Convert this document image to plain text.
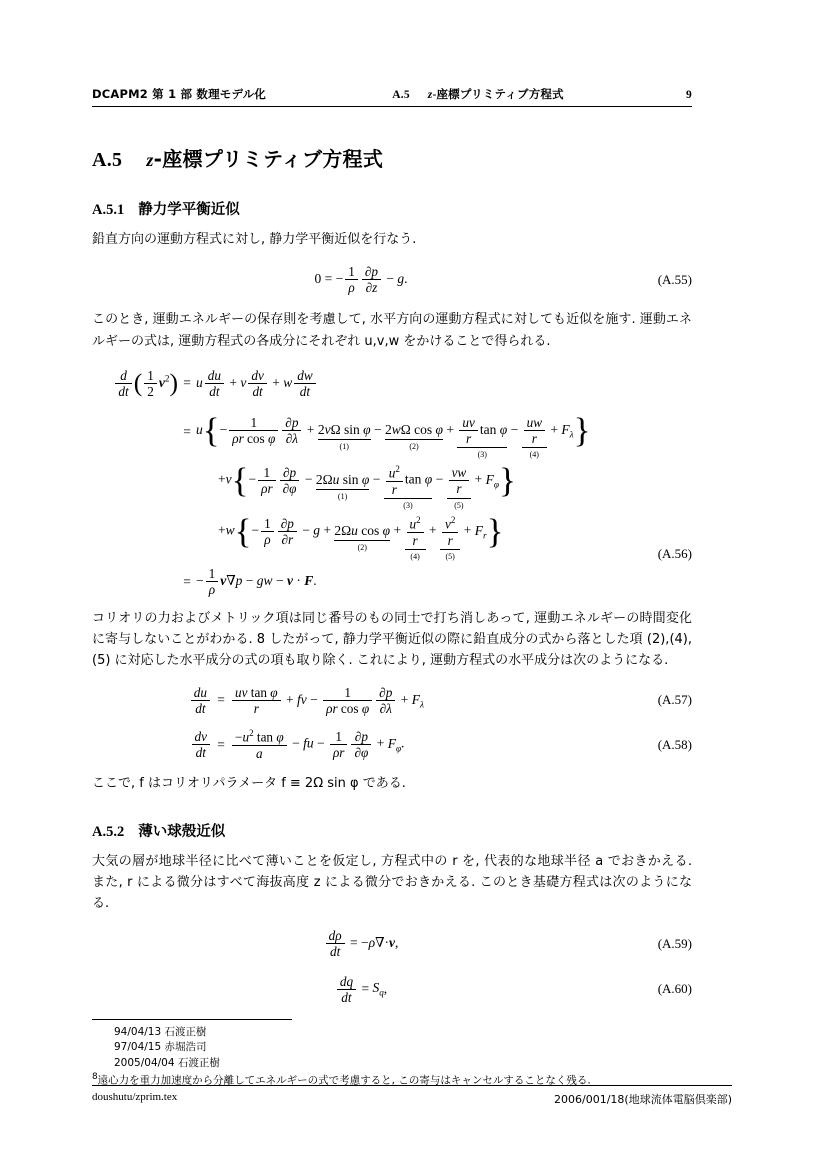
DCAPM2 第 1 部 数理モデル化	A.5 z-座標プリミティブ方程式	9
A.5 z-座標プリミティブ方程式
A.5.1 静力学平衡近似

鉛直方向の運動方程式に対し, 静力学平衡近似を行なう.

0 = − $\frac{1}{\rho} \frac{\partial p}{\partial z} - g$.	(A.55)

このとき, 運動エネルギーの保存則を考慮して, 水平方向の運動方程式に対しても近似を施す. 運動エネルギーの式は, 運動方程式の各成分にそれぞれ u,v,w をかけることで得られる.

$\frac{d}{dt}$ ( $\frac{1}{2} v^2) = u \frac{du}{dt} + v \frac{dv}{dt} + w \frac{dw}{dt}$
= $u\{- \frac{1}{\text{ρr cos φ}} \frac{\partial p}{\partial\lambda} + 2v\Omega$ sin φ
(1)
− 2wΩ cos φ
(2)
+ $\frac{uv}{r}$ tan φ
(3)
− $\frac{uw}{r}$
(4)
+ $F_\lambda$}
$+v\{- \frac{1}{\rho r} \frac{\partial p}{\partial\varphi} - 2\Omega u$ sin φ
(1)
− $\frac{u^2}{r}$ tan φ
(3)
− $\frac{vw}{r}$
(5)
+ $F_\varphi$}
$+w\{- \frac{1}{\rho} \frac{\partial p}{\partial r} - g + 2\Omega u$ cos φ
(2)
+ $\frac{u^2}{r}$
(4)
+ $\frac{v^2}{r}$
(5)
+ $F_r$}
= − $\frac{1}{\rho} v\nabla p$ − gw − v · F.
(A.56)

コリオリの力およびメトリック項は同じ番号のもの同士で打ち消しあって, 運動エネルギーの時間変化に寄与しないことがわかる. 8 したがって, 静力学平衡近似の際に鉛直成分の式から落とした項 (2),(4),(5) に対応した水平成分の式の項も取り除く. これにより, 運動方程式の水平成分は次のようになる.

$\frac{du}{dt} = \frac{\text{uv tan φ}}{r}$ + fv − $\frac{1}{\text{ρr cos φ}} \frac{\partial p}{\partial\lambda} + F_\lambda$	(A.57)
$\frac{dv}{dt} = \frac{-u^2 \tan \varphi}{a}$ − fu − $\frac{1}{\rho r} \frac{\partial p}{\partial\varphi} + F_\varphi$.	(A.58)

ここで, f はコリオリパラメータ f ≡ 2Ω sin φ である.

A.5.2 薄い球殻近似

大気の層が地球半径に比べて薄いことを仮定し, 方程式中の r を, 代表的な地球半径 a でおきかえる. また, r による微分はすべて海抜高度 z による微分でおきかえる. このとき基礎方程式は次のようになる.

$\frac{d\rho}{dt} = -\rho\nabla\cdot v$,	(A.59)
$\frac{dq}{dt} = S_q$,	(A.60)
94/04/13 石渡正樹
97/04/15 赤堀浩司
2005/04/04 石渡正樹
$^8$遠心力を重力加速度から分離してエネルギーの式で考慮すると, この寄与はキャンセルすることなく残る.
doushutu/zprim.tex	2006/001/18(地球流体電脳倶楽部)
